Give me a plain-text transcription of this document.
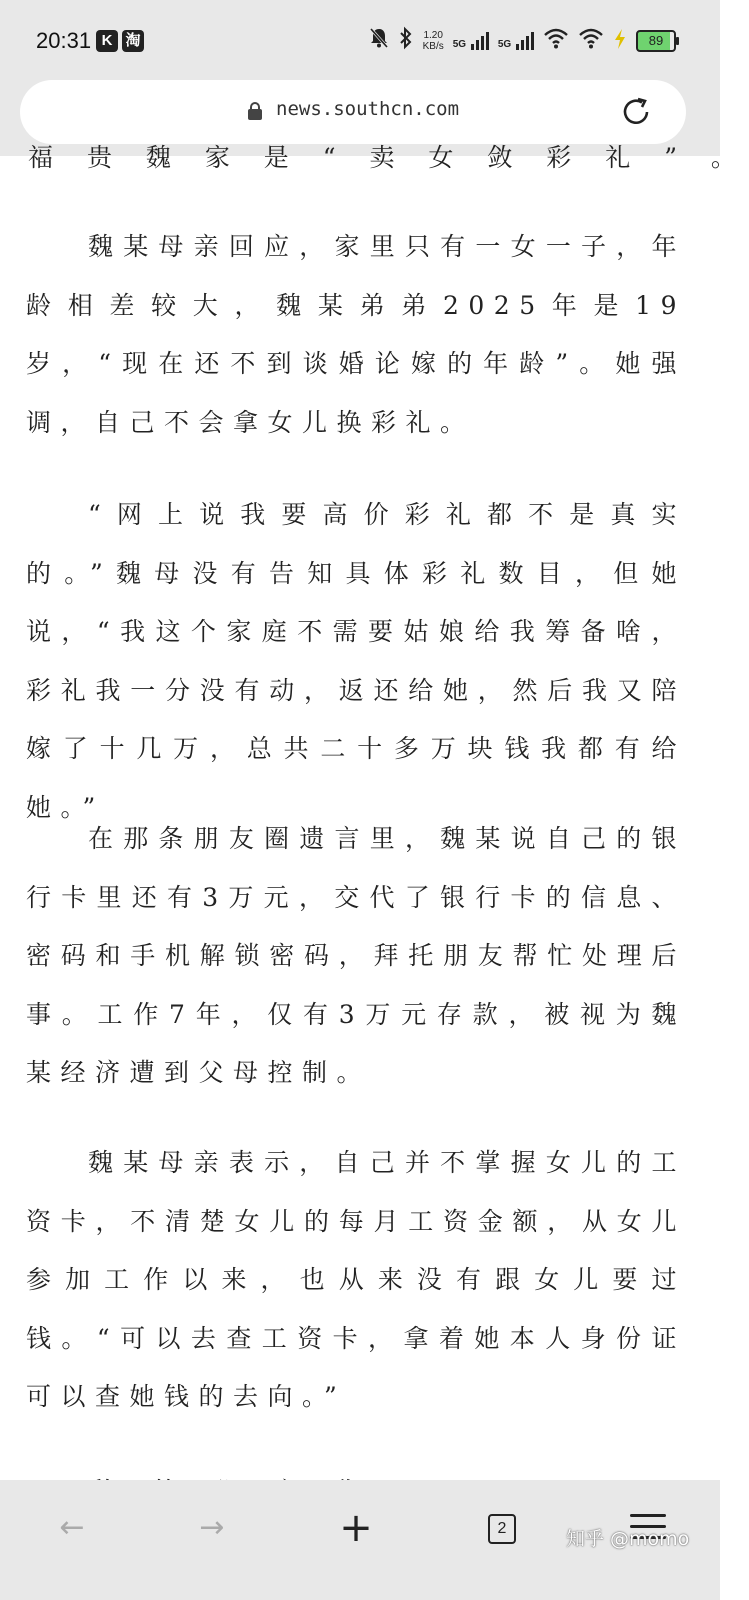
20:31 K 淘	1.20
KB/s 5G	5G	89
news.southcn.com
福 贵 魏 家 是 “ 卖 女 敛 彩 礼 ” 。

魏某母亲回应，家里只有一女一子，年龄相差较大，魏某弟弟2025年是19岁，“现在还不到谈婚论嫁的年龄”。她强调，自己不会拿女儿换彩礼。

“网上说我要高价彩礼都不是真实的。”魏母没有告知具体彩礼数目，但她说，“我这个家庭不需要姑娘给我筹备啥，彩礼我一分没有动，返还给她，然后我又陪嫁了十几万，总共二十多万块钱我都有给她。”

在那条朋友圈遗言里，魏某说自己的银行卡里还有3万元，交代了银行卡的信息、密码和手机解锁密码，拜托朋友帮忙处理后事。工作7年，仅有3万元存款，被视为魏某经济遭到父母控制。

魏某母亲表示，自己并不掌握女儿的工资卡，不清楚女儿的每月工资金额，从女儿参加工作以来，也从来没有跟女儿要过钱。“可以去查工资卡，拿着她本人身份证可以查她钱的去向。”

←	→	+	2	知乎 @momo
